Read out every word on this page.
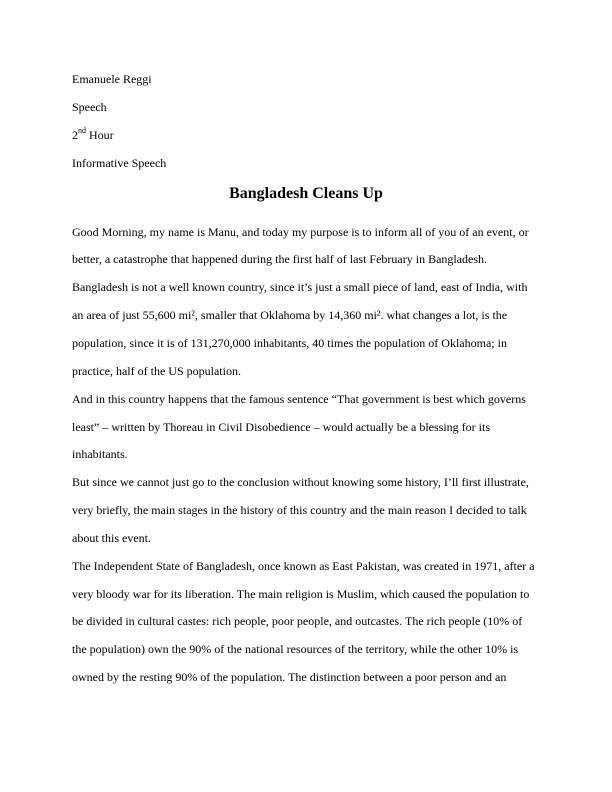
Emanuele Reggi
Speech
2nd Hour
Informative Speech
Bangladesh Cleans Up
Good Morning, my name is Manu, and today my purpose is to inform all of you of an event, or
better, a catastrophe that happened during the first half of last February in Bangladesh.
Bangladesh is not a well known country, since it’s just a small piece of land, east of India, with
an area of just 55,600 mi², smaller that Oklahoma by 14,360 mi². what changes a lot, is the
population, since it is of 131,270,000 inhabitants, 40 times the population of Oklahoma; in
practice, half of the US population.
And in this country happens that the famous sentence “That government is best which governs
least” – written by Thoreau in Civil Disobedience – would actually be a blessing for its
inhabitants.
But since we cannot just go to the conclusion without knowing some history, I’ll first illustrate,
very briefly, the main stages in the history of this country and the main reason I decided to talk
about this event.
The Independent State of Bangladesh, once known as East Pakistan, was created in 1971, after a
very bloody war for its liberation. The main religion is Muslim, which caused the population to
be divided in cultural castes: rich people, poor people, and outcastes. The rich people (10% of
the population) own the 90% of the national resources of the territory, while the other 10% is
owned by the resting 90% of the population. The distinction between a poor person and an
